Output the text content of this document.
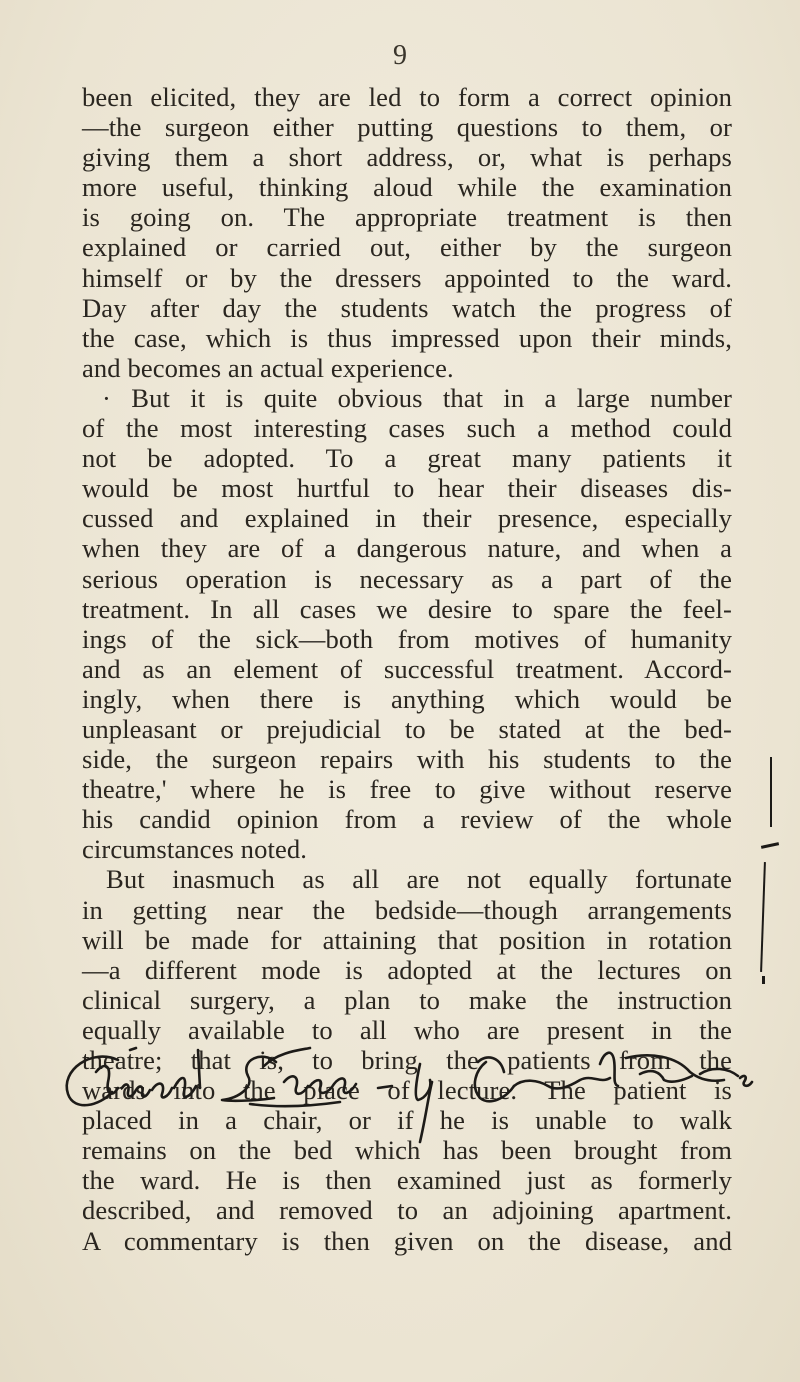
9
been elicited, they are led to form a correct opinion
—the surgeon either putting questions to them, or
giving them a short address, or, what is perhaps
more useful, thinking aloud while the examination
is going on. The appropriate treatment is then
explained or carried out, either by the surgeon
himself or by the dressers appointed to the ward.
Day after day the students watch the progress of
the case, which is thus impressed upon their minds,
and becomes an actual experience.
· But it is quite obvious that in a large number
of the most interesting cases such a method could
not be adopted. To a great many patients it
would be most hurtful to hear their diseases dis-
cussed and explained in their presence, especially
when they are of a dangerous nature, and when a
serious operation is necessary as a part of the
treatment. In all cases we desire to spare the feel-
ings of the sick—both from motives of humanity
and as an element of successful treatment. Accord-
ingly, when there is anything which would be
unpleasant or prejudicial to be stated at the bed-
side, the surgeon repairs with his students to the
theatre,' where he is free to give without reserve
his candid opinion from a review of the whole
circumstances noted.
But inasmuch as all are not equally fortunate
in getting near the bedside—though arrangements
will be made for attaining that position in rotation
—a different mode is adopted at the lectures on
clinical surgery, a plan to make the instruction
equally available to all who are present in the
theatre; that is, to bring the patients from the
wards into the place of lecture. The patient is
placed in a chair, or if he is unable to walk
remains on the bed which has been brought from
the ward. He is then examined just as formerly
described, and removed to an adjoining apartment.
A commentary is then given on the disease, and
